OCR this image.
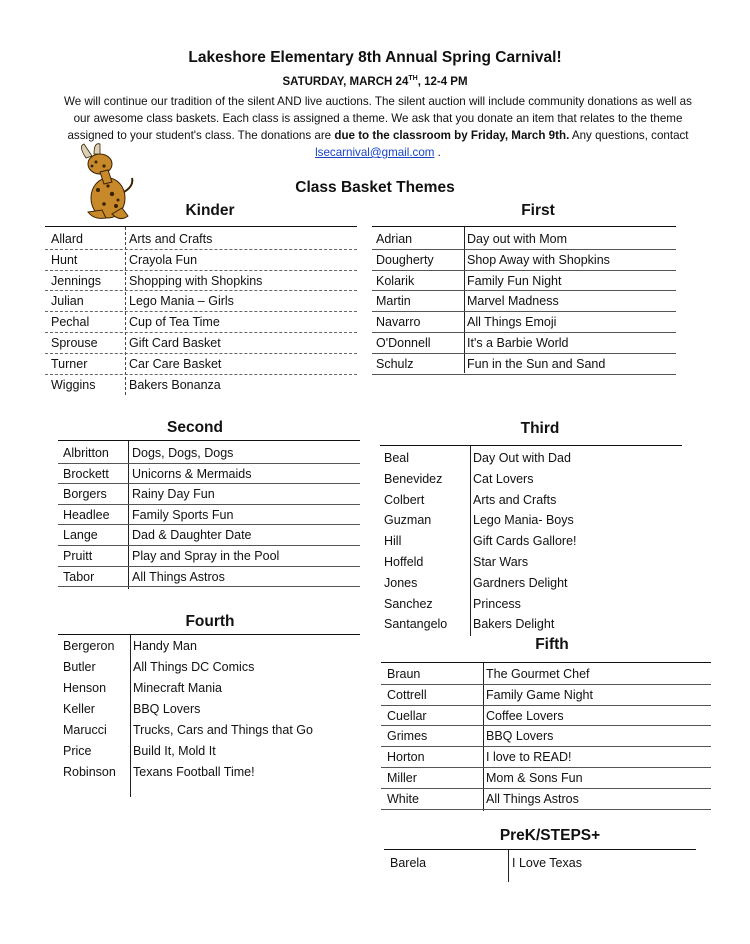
Lakeshore Elementary 8th Annual Spring Carnival!
SATURDAY, MARCH 24TH, 12-4 PM
We will continue our tradition of the silent AND live auctions. The silent auction will include community donations as well as our awesome class baskets. Each class is assigned a theme. We ask that you donate an item that relates to the theme assigned to your student's class. The donations are due to the classroom by Friday, March 9th. Any questions, contact lsecarnival@gmail.com .
Class Basket Themes
Kinder
Allard	Arts and Crafts
Hunt	Crayola Fun
Jennings Shopping with Shopkins
Julian	Lego Mania – Girls
Pechal	Cup of Tea Time
Sprouse	Gift Card Basket
Turner	Car Care Basket
Wiggins	Bakers Bonanza
First
Adrian	Day out with Mom
Dougherty	Shop Away with Shopkins
Kolarik	Family Fun Night
Martin	Marvel Madness
Navarro	All Things Emoji
O'Donnell	It's a Barbie World
Schulz	Fun in the Sun and Sand
Second
Albritton Dogs, Dogs, Dogs
Brockett Unicorns & Mermaids
Borgers Rainy Day Fun
Headlee Family Sports Fun
Lange	Dad & Daughter Date
Pruitt	Play and Spray in the Pool
Tabor	All Things Astros
Third
Beal	Day Out with Dad
Benevidez Cat Lovers
Colbert	Arts and Crafts
Guzman	Lego Mania- Boys
Hill	Gift Cards Gallore!
Hoffeld	Star Wars
Jones	Gardners Delight
Sanchez	Princess
Santangelo Bakers Delight
Fourth
Bergeron Handy Man
Butler	All Things DC Comics
Henson Minecraft Mania
Keller	BBQ Lovers
Marucci Trucks, Cars and Things that Go
Price	Build It, Mold It
Robinson Texans Football Time!
Fifth
Braun	The Gourmet Chef
Cottrell	Family Game Night
Cuellar	Coffee Lovers
Grimes	BBQ Lovers
Horton	I love to READ!
Miller	Mom & Sons Fun
White	All Things Astros
PreK/STEPS+
Barela	I Love Texas
